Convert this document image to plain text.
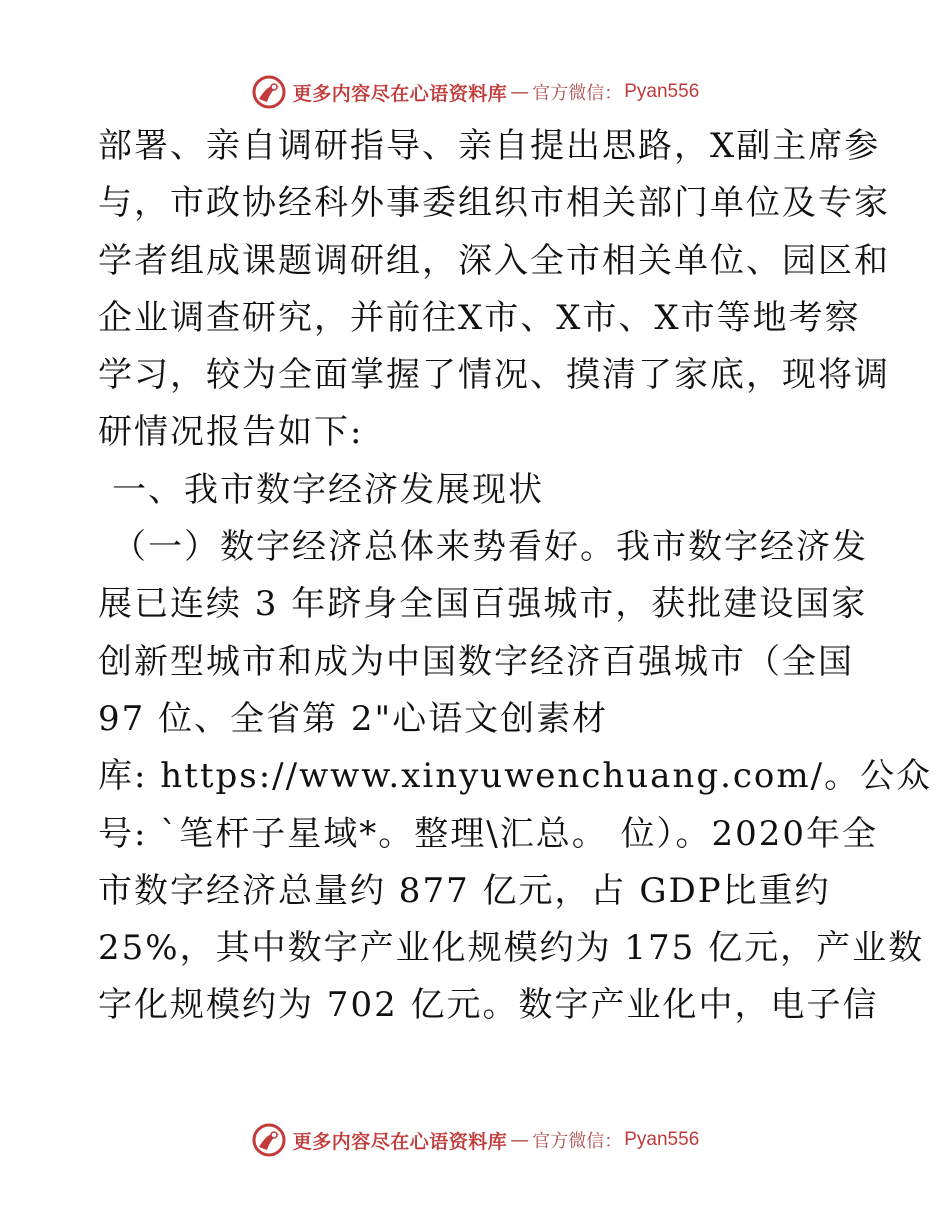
更多内容尽在心语资料库 — 官方微信： Pyan556
部署、亲自调研指导、亲自提出思路，X副主席参
与，市政协经科外事委组织市相关部门单位及专家
学者组成课题调研组，深入全市相关单位、园区和
企业调查研究，并前往X市、X市、X市等地考察
学习，较为全面掌握了情况、摸清了家底，现将调
研情况报告如下:
一、我市数字经济发展现状
（一）数字经济总体来势看好。我市数字经济发
展已连续 3 年跻身全国百强城市，获批建设国家
创新型城市和成为中国数字经济百强城市（全国
97 位、全省第 2"心语文创素材
库: https://www.xinyuwenchuang.com/。公众
号: `笔杆子星域*。整理\汇总。 位）。2020年全
市数字经济总量约 877 亿元，占 GDP比重约
25%，其中数字产业化规模约为 175 亿元，产业数
字化规模约为 702 亿元。数字产业化中，电子信
更多内容尽在心语资料库 — 官方微信： Pyan556
